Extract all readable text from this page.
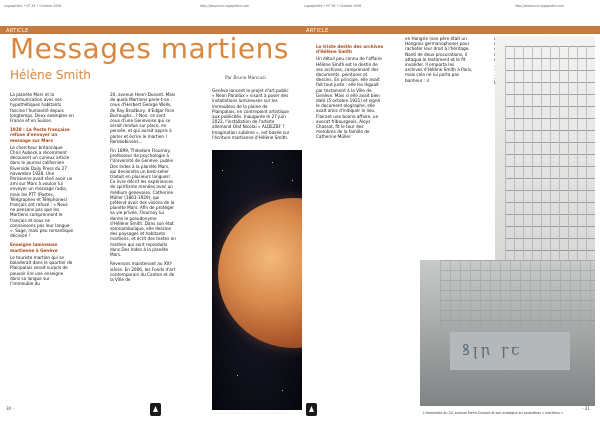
Logosphère • N° 26 • Octobre 2006	http://www.unir-logopedie.com
ARTICLE
Messages martiens
Hélène Smith	Par Bruno Mancusi

La planète Mars et la communication avec ses hypothétiques habitants fascine l'humanité depuis longtemps. Deux exemples en France et en Suisse.

1928 : La Poste française refuse d'envoyer un message sur Mars

Le chercheur britannique Chris Aubeck a récemment découvert un curieux article dans le journal californien Riverside Daily Press du 27 novembre 1928. Une Parisienne avait rêvé avoir un ami sur Mars à vouloir lui envoyer un message radio, mais les PTT (Postes, Télégraphes et Téléphones) français ont refusé : « Nous ne pensons pas que les Martiens comprennent le français et nous ne connaissons pas leur langue ». Sage, mais peu romantique décision !

Enseigne lumineuse martienne à Genève

Le touriste martien qui se baladerait dans le quartier de Plainpalais serait surpris de pouvoir lire une enseigne dans sa langue sur l'immeuble du

20, avenue Henri-Dunant. Mais de quels Martiens parle-t-on : ceux d'Herbert George Wells, de Ray Bradbury, d'Edgar Rice Burroughs...? Non, ce sont ceux d'une Genevoise qui se serait rendue sur place, en pensée, et qui aurait appris à parler et écrire le martien ! Rembobinons...

Fin 1899, Théodore Flournoy, professeur de psychologie à l'Université de Genève, publie Des Indes à la planète Mars, qui deviendra un best-seller traduit en plusieurs langues¹. Ce livre décrit les expériences de spiritisme menées avec un médium genevoise, Catherine Müller (1861-1929), qui prétend avoir des visions de la planète Mars. Afin de protéger sa vie privée, Flournoy lui donne le pseudonyme d'Hélène Smith. Dans son état somnambulique, elle dessine des paysages et habitants martiens, et écrit des textes en martien qui sont reproduits dans Des Indes à la planète Mars.

Revenons maintenant au XXIᵉ siècle. En 2006, les Fonds d'art contemporain du Canton et de la Ville de

Genève lancent le projet d'art public « Neon Parallax » visant à poser des installations lumineuses sur les immeubles de la plaine de Plainpalais, en contrepoint artistique aux publicités. Inaugurée le 27 juin 2022, l'installation de l'artiste allemand Olaf Nicolai « ALDEZBF ? Imagination sublime », est basée sur l'écriture martienne d'Hélène Smith.

30 -
Image générée par une IA-Laurent Martiens
Logosphère • N° 26 • Octobre 2006	http://www.unir-logopedie.com
ARTICLE

Le triste destin des archives d'Hélène Smith

Un détail peu connu de l'affaire Hélène Smith est le destin de ses archives, comprenant des documents, peintures et dessins. En principe, elle avait fait tout juste : elle les lèguait par testament à la Ville de Genève. Mais si elle avait bien daté (5 octobre 1921) et signé le document olographe, elle avait omis d'indiquer le lieu. Flairant une bonne affaire, un avocat fribourgeois, Aloys Chassot, fit le tour des membres de la famille de Catherine Müller

en Hongrie (son père était un Hongrois germanophone) pour racheter leur droit à l'héritage. Nanti de deux procurations, il attaqua le testament et le fit invalider. Il emporta les archives d'Hélène Smith à Paris, mais cela ne lui porta pas bonheur : il

- 31
ꝸꞁꞃ ꞅꞇ
L'immeuble du 20, avenue Henri-Dunant et son enseigne en caractères « martiens ».
